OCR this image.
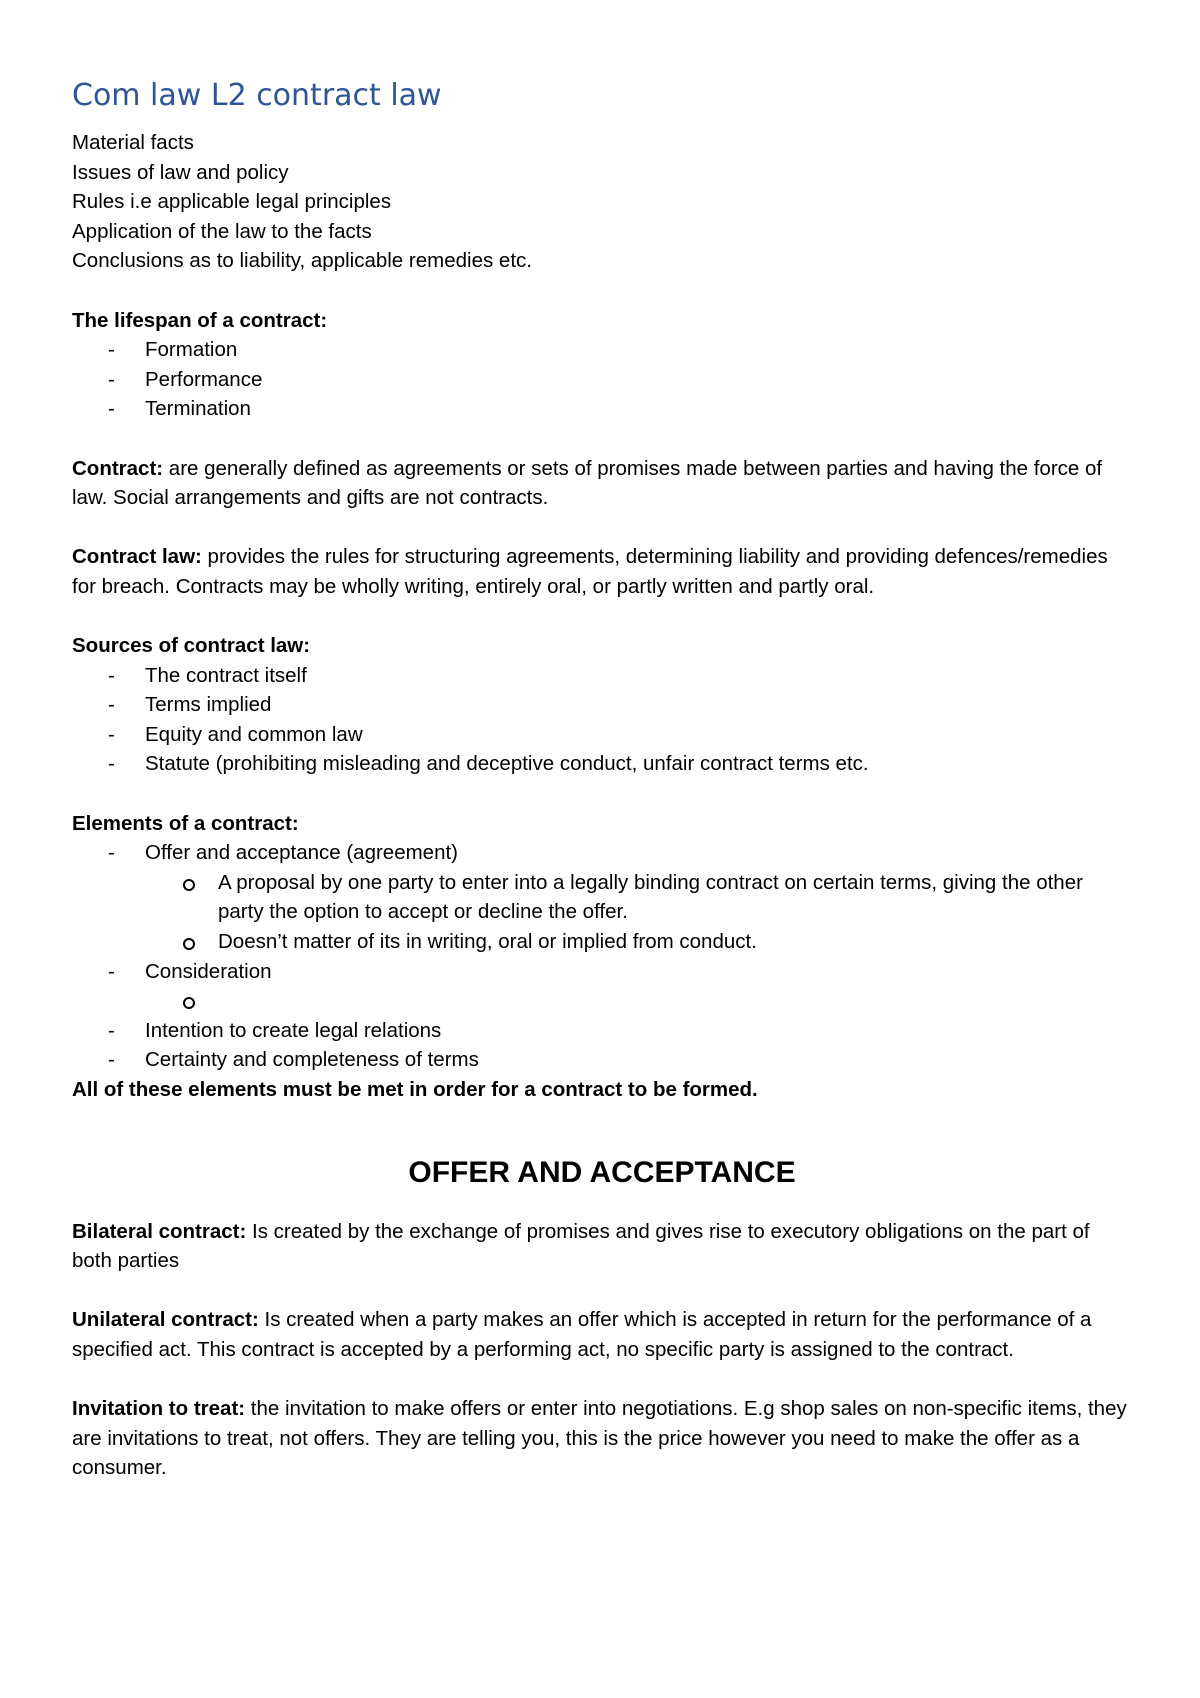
Com law L2 contract law

Material facts

Issues of law and policy

Rules i.e applicable legal principles

Application of the law to the facts

Conclusions as to liability, applicable remedies etc.

The lifespan of a contract:

- Formation
- Performance
- Termination

Contract: are generally defined as agreements or sets of promises made between parties and having the force of law. Social arrangements and gifts are not contracts.

Contract law: provides the rules for structuring agreements, determining liability and providing defences/remedies for breach. Contracts may be wholly writing, entirely oral, or partly written and partly oral.

Sources of contract law:

- The contract itself
- Terms implied
- Equity and common law
- Statute (prohibiting misleading and deceptive conduct, unfair contract terms etc.

Elements of a contract:

- Offer and acceptance (agreement)
A proposal by one party to enter into a legally binding contract on certain terms, giving the other party the option to accept or decline the offer.
Doesn’t matter of its in writing, oral or implied from conduct.
- Consideration
- Intention to create legal relations
- Certainty and completeness of terms

All of these elements must be met in order for a contract to be formed.

OFFER AND ACCEPTANCE

Bilateral contract: Is created by the exchange of promises and gives rise to executory obligations on the part of both parties

Unilateral contract: Is created when a party makes an offer which is accepted in return for the performance of a specified act. This contract is accepted by a performing act, no specific party is assigned to the contract.

Invitation to treat: the invitation to make offers or enter into negotiations. E.g shop sales on non-specific items, they are invitations to treat, not offers. They are telling you, this is the price however you need to make the offer as a consumer.
